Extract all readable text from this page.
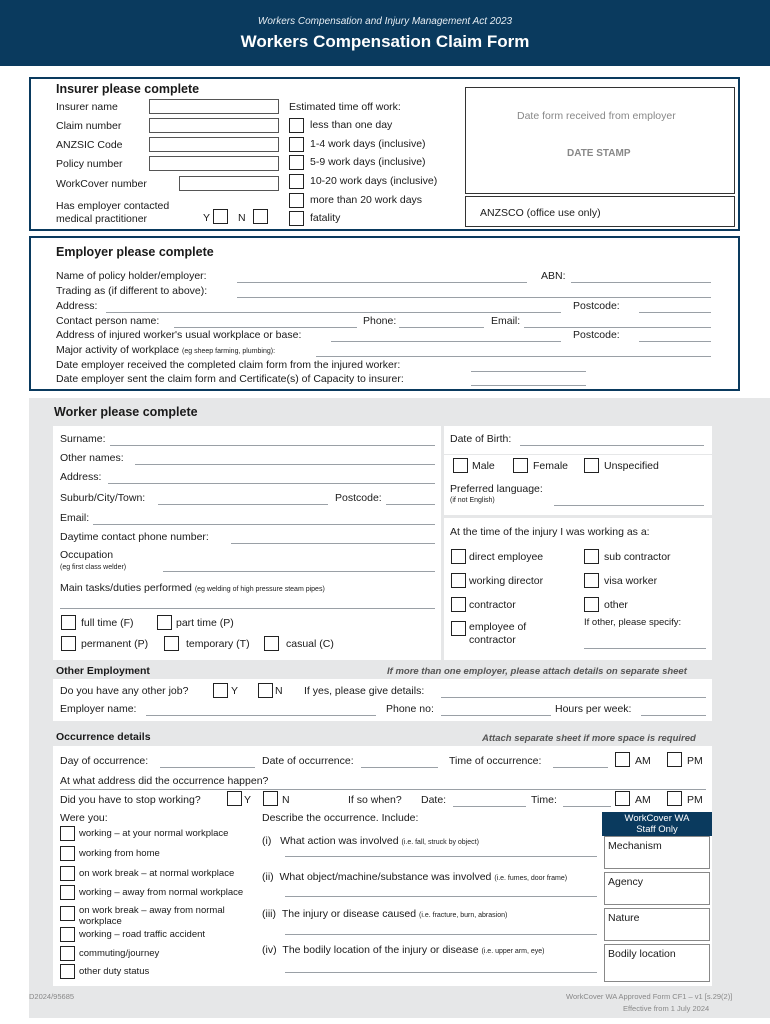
Workers Compensation and Injury Management Act 2023
Workers Compensation Claim Form
Insurer please complete
Insurer name
Claim number
ANZSIC Code
Policy number
WorkCover number
Has employer contacted
medical practitioner	Y	N
Estimated time off work:
less than one day
1-4 work days (inclusive)
5-9 work days (inclusive)
10-20 work days (inclusive)
more than 20 work days
fatality
Date form received from employer
DATE STAMP
ANZSCO (office use only)
Employer please complete
Name of policy holder/employer:	ABN:
Trading as (if different to above):
Address:	Postcode:
Contact person name:	Phone:	Email:
Address of injured worker's usual workplace or base:	Postcode:
Major activity of workplace (eg sheep farming, plumbing):
Date employer received the completed claim form from the injured worker:
Date employer sent the claim form and Certificate(s) of Capacity to insurer:
Worker please complete
Surname:
Other names:
Address:
Suburb/City/Town:	Postcode:
Email:
Daytime contact phone number:
Occupation
(eg first class welder)
Main tasks/duties performed (eg welding of high pressure steam pipes)
full time (F)	part time (P)
permanent (P)	temporary (T)	casual (C)
Date of Birth:
Male	Female	Unspecified
Preferred language:
(if not English)
At the time of the injury I was working as a:
direct employee	sub contractor
working director	visa worker
contractor	other
employee of
contractor
If other, please specify:
Other Employment	If more than one employer, please attach details on separate sheet
Do you have any other job?	Y	N If yes, please give details:
Employer name:	Phone no:	Hours per week:
Occurrence details	Attach separate sheet if more space is required
Day of occurrence:	Date of occurrence:	Time of occurrence:	AM	PM
At what address did the occurrence happen?
Did you have to stop working?	Y	N	If so when? Date:	Time:	AM	PM
Were you:
working – at your normal workplace
working from home
on work break – at normal workplace
working – away from normal workplace
on work break – away from normal
workplace
working – road traffic accident
commuting/journey
other duty status
Describe the occurrence. Include:
(i) What action was involved (i.e. fall, struck by object)
(ii) What object/machine/substance was involved (i.e. fumes, door frame)
(iii) The injury or disease caused (i.e. fracture, burn, abrasion)
(iv) The bodily location of the injury or disease (i.e. upper arm, eye)
WorkCover WA
Staff Only
Mechanism
Agency
Nature
Bodily location
D2024/95685	WorkCover WA Approved Form CF1 – v1 [s.29(2)]
Effective from 1 July 2024
